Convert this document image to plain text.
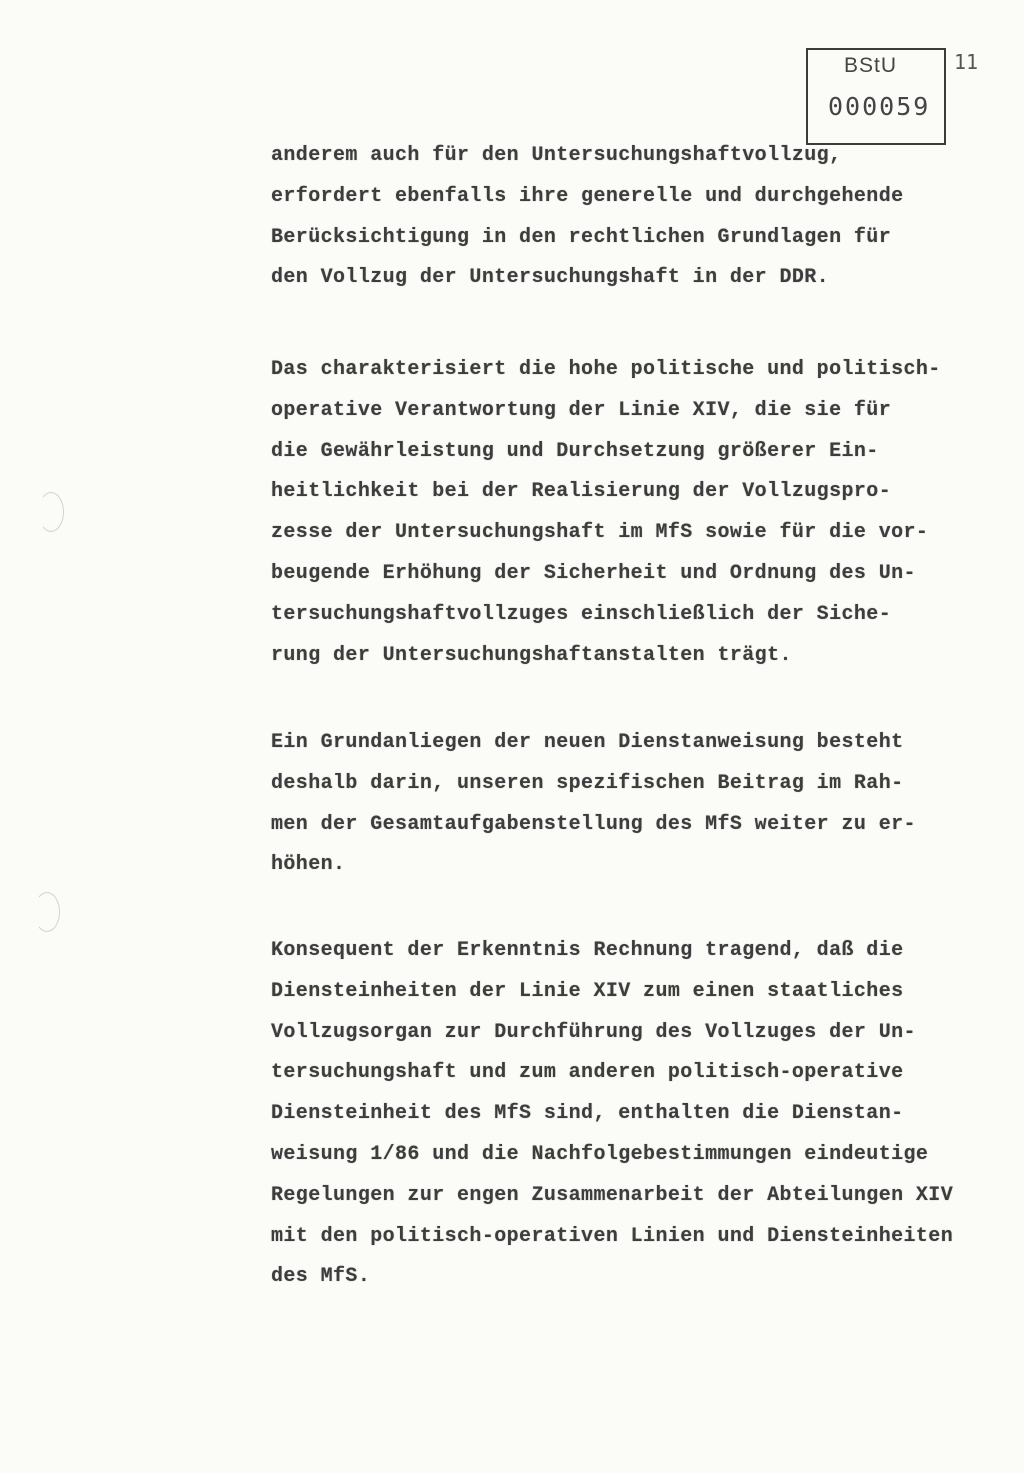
BStU
000059
11
anderem auch für den Untersuchungshaftvollzug,
erfordert ebenfalls ihre generelle und durchgehende
Berücksichtigung in den rechtlichen Grundlagen für
den Vollzug der Untersuchungshaft in der DDR.
Das charakterisiert die hohe politische und politisch-
operative Verantwortung der Linie XIV, die sie für
die Gewährleistung und Durchsetzung größerer Ein-
heitlichkeit bei der Realisierung der Vollzugspro-
zesse der Untersuchungshaft im MfS sowie für die vor-
beugende Erhöhung der Sicherheit und Ordnung des Un-
tersuchungshaftvollzuges einschließlich der Siche-
rung der Untersuchungshaftanstalten trägt.
Ein Grundanliegen der neuen Dienstanweisung besteht
deshalb darin, unseren spezifischen Beitrag im Rah-
men der Gesamtaufgabenstellung des MfS weiter zu er-
höhen.
Konsequent der Erkenntnis Rechnung tragend, daß die
Diensteinheiten der Linie XIV zum einen staatliches
Vollzugsorgan zur Durchführung des Vollzuges der Un-
tersuchungshaft und zum anderen politisch-operative
Diensteinheit des MfS sind, enthalten die Dienstan-
weisung 1/86 und die Nachfolgebestimmungen eindeutige
Regelungen zur engen Zusammenarbeit der Abteilungen XIV
mit den politisch-operativen Linien und Diensteinheiten
des MfS.
